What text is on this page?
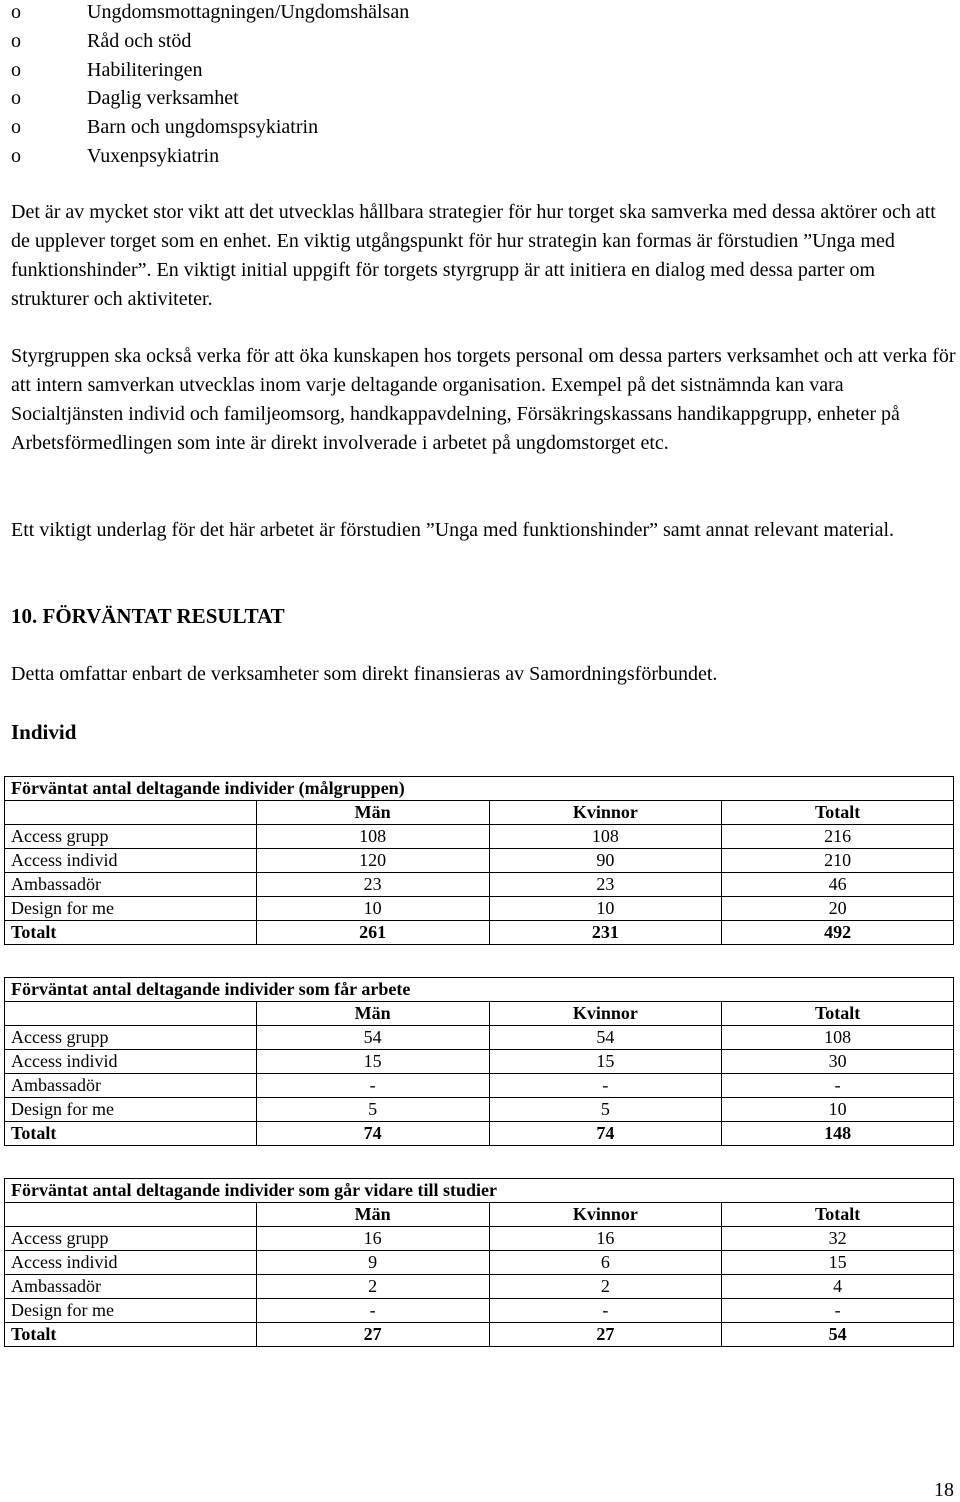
o	Ungdomsmottagningen/Ungdomshälsan
o	Råd och stöd
o	Habiliteringen
o	Daglig verksamhet
o	Barn och ungdomspsykiatrin
o	Vuxenpsykiatrin

Det är av mycket stor vikt att det utvecklas hållbara strategier för hur torget ska samverka med dessa aktörer och att de upplever torget som en enhet. En viktig utgångspunkt för hur strategin kan formas är förstudien ”Unga med funktionshinder”. En viktigt initial uppgift för torgets styrgrupp är att initiera en dialog med dessa parter om strukturer och aktiviteter.

Styrgruppen ska också verka för att öka kunskapen hos torgets personal om dessa parters verksamhet och att verka för att intern samverkan utvecklas inom varje deltagande organisation. Exempel på det sistnämnda kan vara Socialtjänsten individ och familjeomsorg, handkappavdelning, Försäkringskassans handikappgrupp, enheter på Arbetsförmedlingen som inte är direkt involverade i arbetet på ungdomstorget etc.

Ett viktigt underlag för det här arbetet är förstudien ”Unga med funktionshinder” samt annat relevant material.

10. FÖRVÄNTAT RESULTAT

Detta omfattar enbart de verksamheter som direkt finansieras av Samordningsförbundet.

Individ
Förväntat antal deltagande individer (målgruppen)			
	Män	Kvinnor	Totalt
Access grupp	108	108	216
Access individ	120	90	210
Ambassadör	23	23	46
Design for me	10	10	20
Totalt	261	231	492
Förväntat antal deltagande individer som får arbete			
	Män	Kvinnor	Totalt
Access grupp	54	54	108
Access individ	15	15	30
Ambassadör	-	-	-
Design for me	5	5	10
Totalt	74	74	148
Förväntat antal deltagande individer som går vidare till studier			
	Män	Kvinnor	Totalt
Access grupp	16	16	32
Access individ	9	6	15
Ambassadör	2	2	4
Design for me	-	-	-
Totalt	27	27	54
18
